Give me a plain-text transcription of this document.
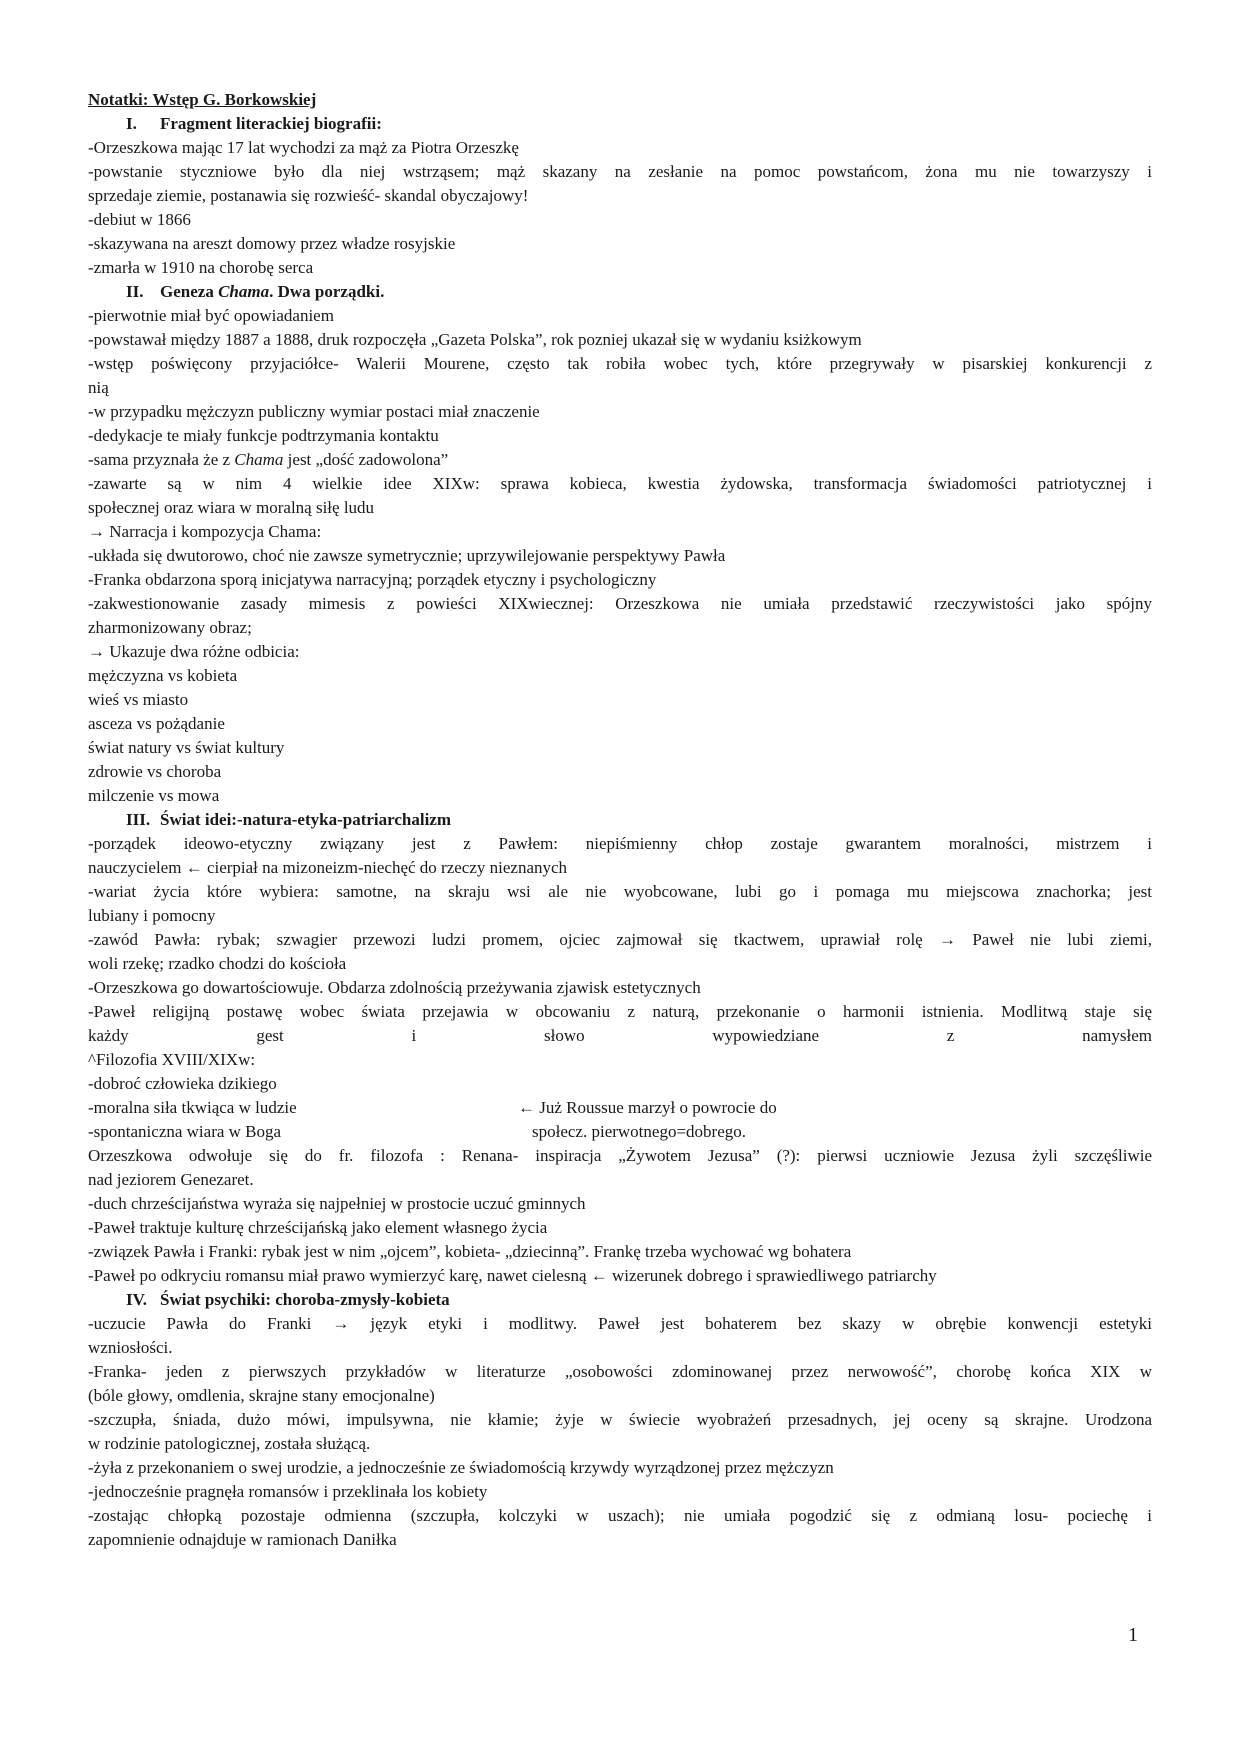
Notatki: Wstęp G. Borkowskiej
I. Fragment literackiej biografii:
-Orzeszkowa mając 17 lat wychodzi za mąż za Piotra Orzeszkę
-powstanie styczniowe było dla niej wstrząsem; mąż skazany na zesłanie na pomoc powstańcom, żona mu nie towarzyszy i
sprzedaje ziemie, postanawia się rozwieść- skandal obyczajowy!
-debiut w 1866
-skazywana na areszt domowy przez władze rosyjskie
-zmarła w 1910 na chorobę serca
II. Geneza Chama. Dwa porządki.
-pierwotnie miał być opowiadaniem
-powstawał między 1887 a 1888, druk rozpoczęła „Gazeta Polska”, rok pozniej ukazał się w wydaniu ksiżkowym
-wstęp poświęcony przyjaciółce- Walerii Mourene, często tak robiła wobec tych, które przegrywały w pisarskiej konkurencji z
nią
-w przypadku mężczyzn publiczny wymiar postaci miał znaczenie
-dedykacje te miały funkcje podtrzymania kontaktu
-sama przyznała że z Chama jest „dość zadowolona”
-zawarte są w nim 4 wielkie idee XIXw: sprawa kobieca, kwestia żydowska, transformacja świadomości patriotycznej i
społecznej oraz wiara w moralną siłę ludu
→ Narracja i kompozycja Chama:
-układa się dwutorowo, choć nie zawsze symetrycznie; uprzywilejowanie perspektywy Pawła
-Franka obdarzona sporą inicjatywa narracyjną; porządek etyczny i psychologiczny
-zakwestionowanie zasady mimesis z powieści XIXwiecznej: Orzeszkowa nie umiała przedstawić rzeczywistości jako spójny
zharmonizowany obraz;
→ Ukazuje dwa różne odbicia:
mężczyzna vs kobieta
wieś vs miasto
asceza vs pożądanie
świat natury vs świat kultury
zdrowie vs choroba
milczenie vs mowa
III. Świat idei:-natura-etyka-patriarchalizm
-porządek ideowo-etyczny związany jest z Pawłem: niepiśmienny chłop zostaje gwarantem moralności, mistrzem i
nauczycielem ← cierpiał na mizoneizm-niechęć do rzeczy nieznanych
-wariat życia które wybiera: samotne, na skraju wsi ale nie wyobcowane, lubi go i pomaga mu miejscowa znachorka; jest
lubiany i pomocny
-zawód Pawła: rybak; szwagier przewozi ludzi promem, ojciec zajmował się tkactwem, uprawiał rolę → Paweł nie lubi ziemi,
woli rzekę; rzadko chodzi do kościoła
-Orzeszkowa go dowartościowuje. Obdarza zdolnością przeżywania zjawisk estetycznych
-Paweł religijną postawę wobec świata przejawia w obcowaniu z naturą, przekonanie o harmonii istnienia. Modlitwą staje się
każdy gest i słowo wypowiedziane z namysłem
^Filozofia XVIII/XIXw:
-dobroć człowieka dzikiego
-moralna siła tkwiąca w ludzie	← Już Roussue marzył o powrocie do
-spontaniczna wiara w Boga	społecz. pierwotnego=dobrego.
Orzeszkowa odwołuje się do fr. filozofa : Renana- inspiracja „Żywotem Jezusa” (?): pierwsi uczniowie Jezusa żyli szczęśliwie
nad jeziorem Genezaret.
-duch chrześcijaństwa wyraża się najpełniej w prostocie uczuć gminnych
-Paweł traktuje kulturę chrześcijańską jako element własnego życia
-związek Pawła i Franki: rybak jest w nim „ojcem”, kobieta- „dziecinną”. Frankę trzeba wychować wg bohatera
-Paweł po odkryciu romansu miał prawo wymierzyć karę, nawet cielesną ← wizerunek dobrego i sprawiedliwego patriarchy
IV. Świat psychiki: choroba-zmysły-kobieta
-uczucie Pawła do Franki → język etyki i modlitwy. Paweł jest bohaterem bez skazy w obrębie konwencji estetyki
wzniosłości.
-Franka- jeden z pierwszych przykładów w literaturze „osobowości zdominowanej przez nerwowość”, chorobę końca XIX w
(bóle głowy, omdlenia, skrajne stany emocjonalne)
-szczupła, śniada, dużo mówi, impulsywna, nie kłamie; żyje w świecie wyobrażeń przesadnych, jej oceny są skrajne. Urodzona
w rodzinie patologicznej, została służącą.
-żyła z przekonaniem o swej urodzie, a jednocześnie ze świadomością krzywdy wyrządzonej przez mężczyzn
-jednocześnie pragnęła romansów i przeklinała los kobiety
-zostając chłopką pozostaje odmienna (szczupła, kolczyki w uszach); nie umiała pogodzić się z odmianą losu- pociechę i
zapomnienie odnajduje w ramionach Daniłka
1
